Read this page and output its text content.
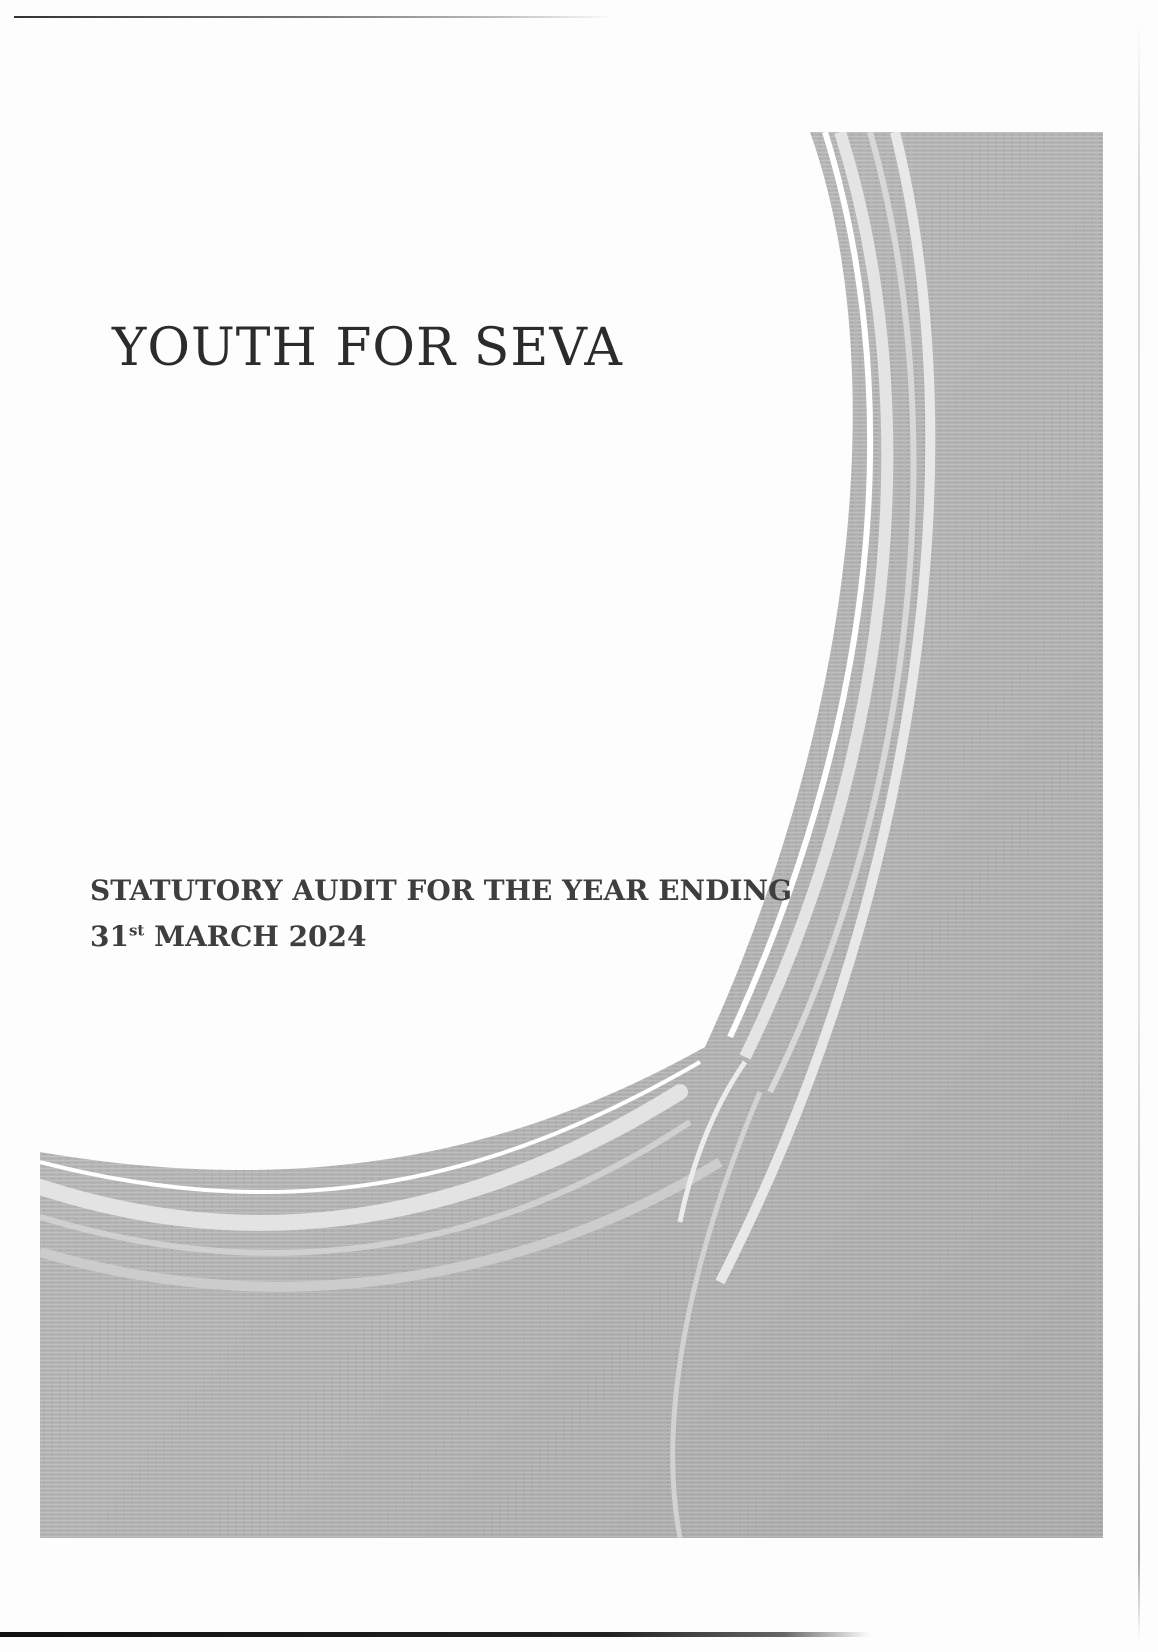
YOUTH FOR SEVA
STATUTORY AUDIT FOR THE YEAR ENDING
31st MARCH 2024
